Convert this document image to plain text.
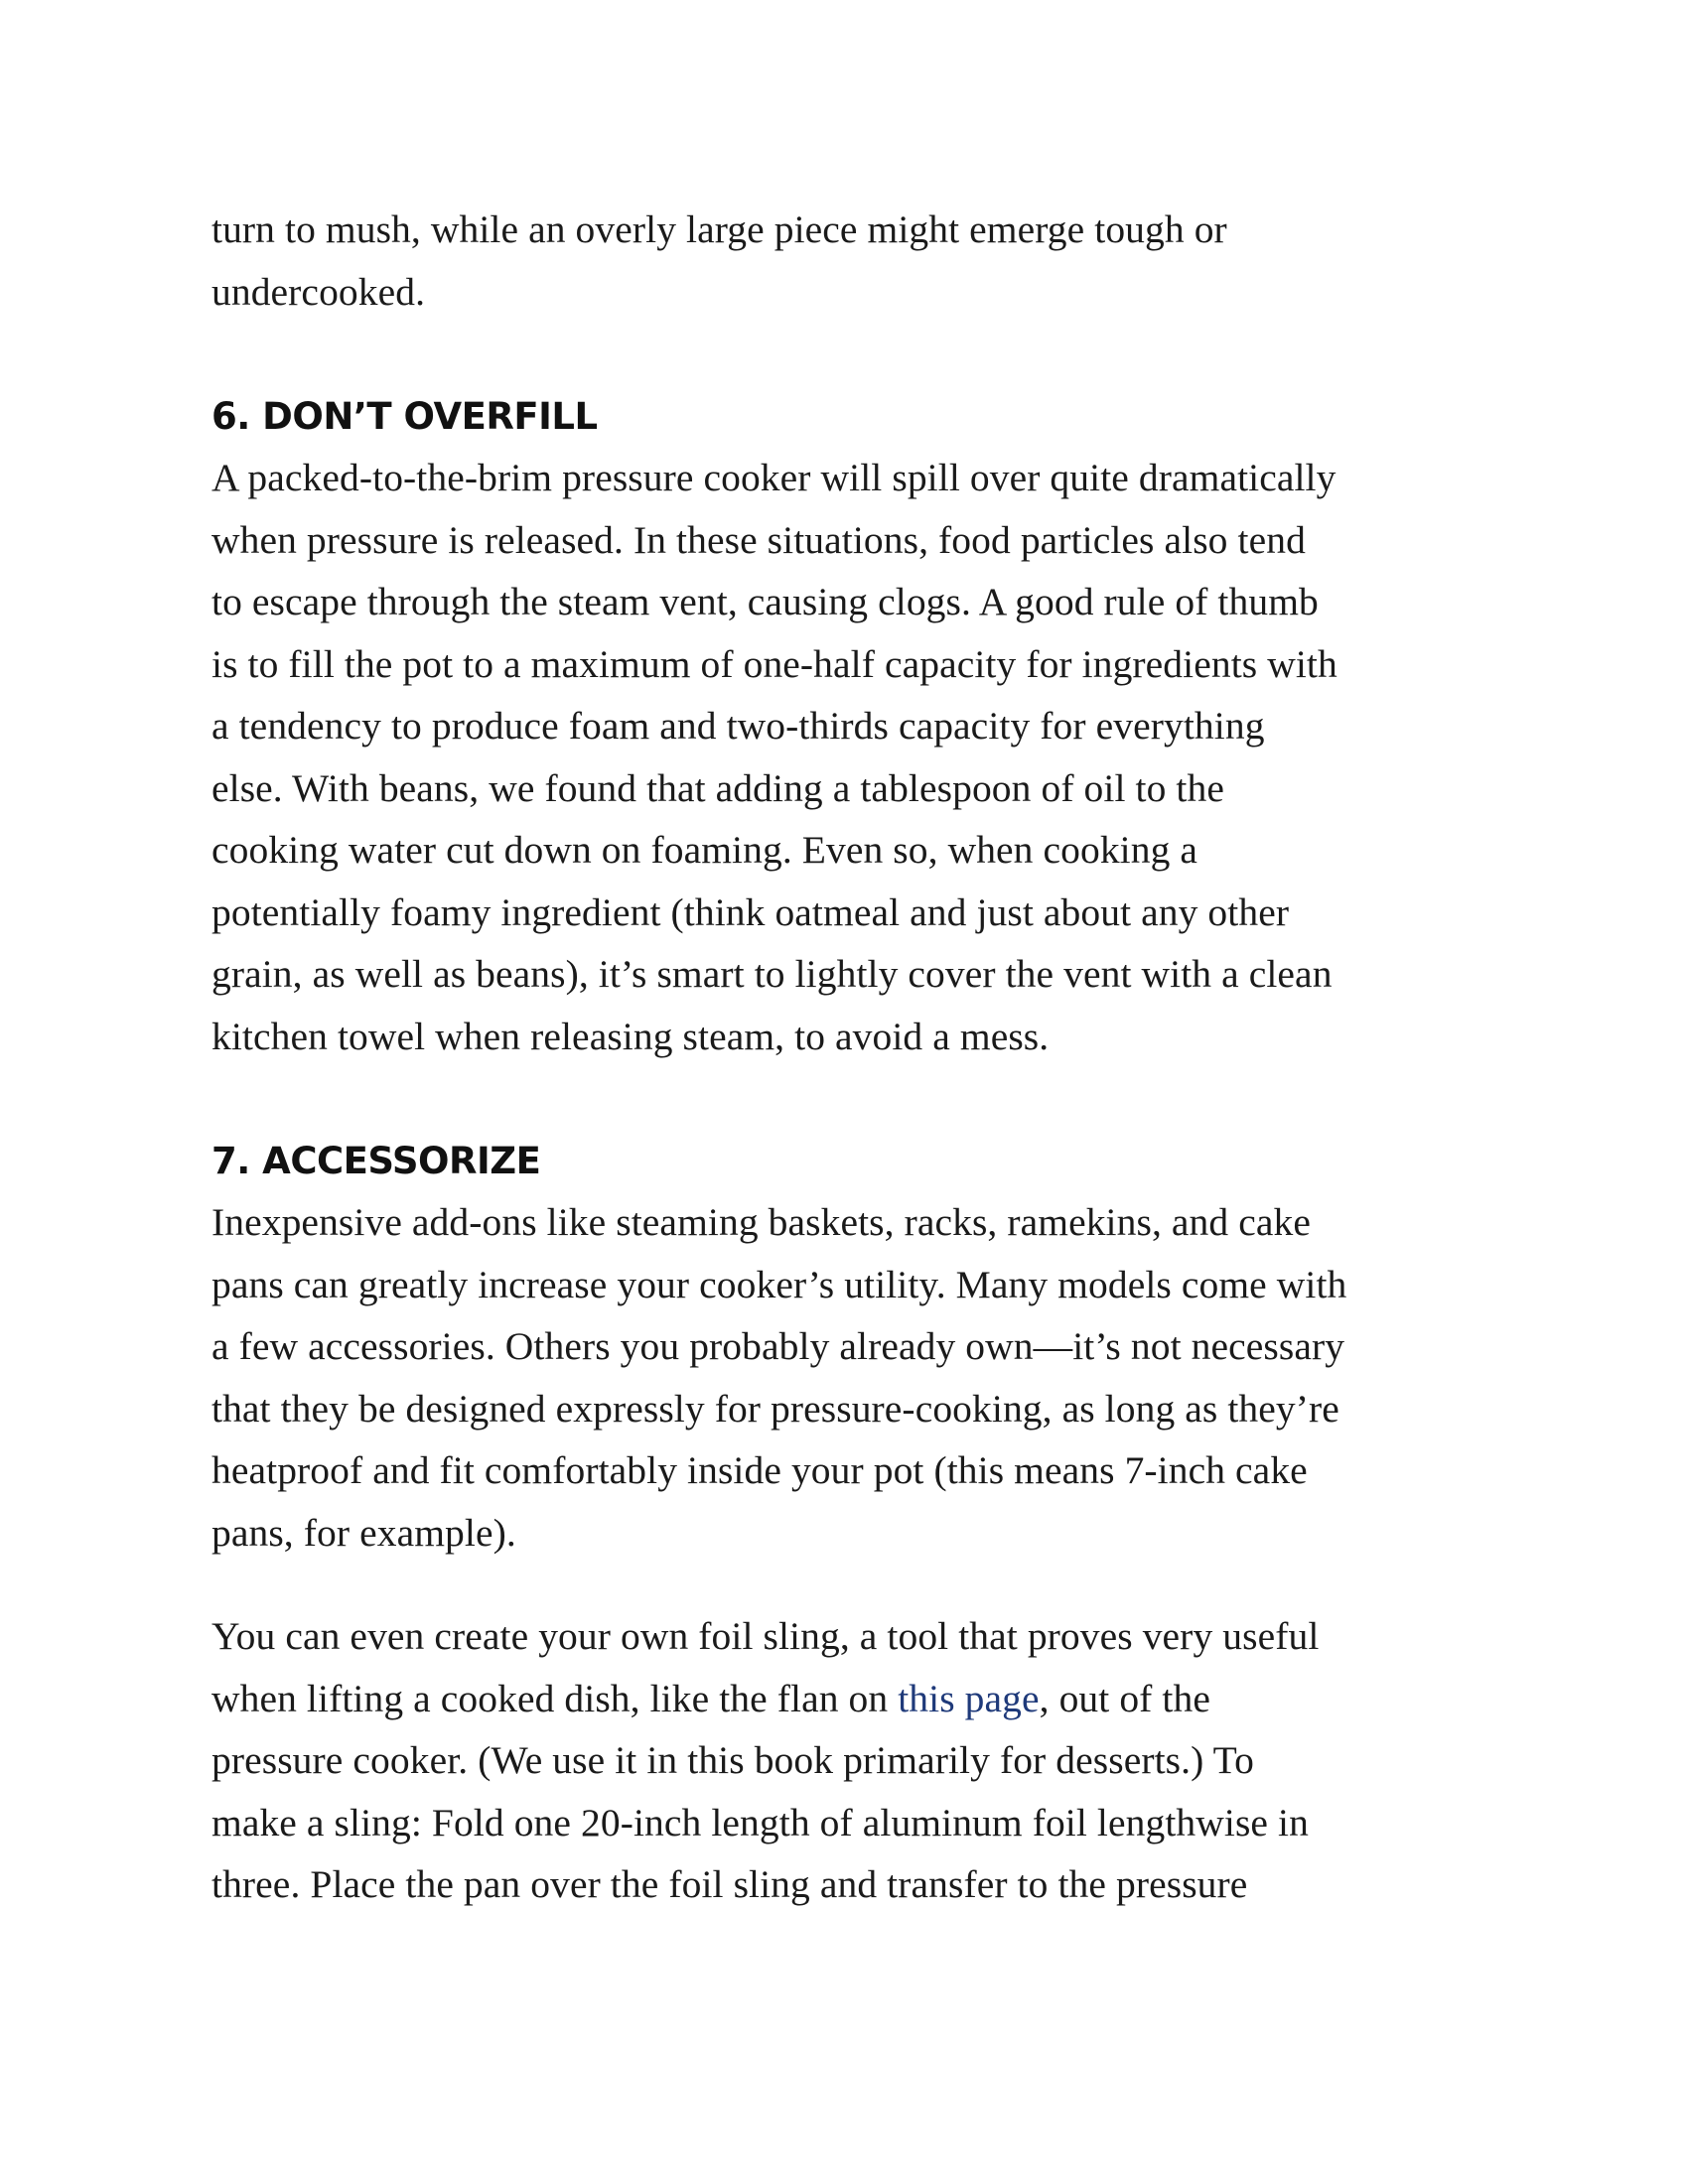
turn to mush, while an overly large piece might emerge tough or
undercooked.

6. DON’T OVERFILL

A packed-to-the-brim pressure cooker will spill over quite dramatically
when pressure is released. In these situations, food particles also tend
to escape through the steam vent, causing clogs. A good rule of thumb
is to fill the pot to a maximum of one-half capacity for ingredients with
a tendency to produce foam and two-thirds capacity for everything
else. With beans, we found that adding a tablespoon of oil to the
cooking water cut down on foaming. Even so, when cooking a
potentially foamy ingredient (think oatmeal and just about any other
grain, as well as beans), it’s smart to lightly cover the vent with a clean
kitchen towel when releasing steam, to avoid a mess.

7. ACCESSORIZE

Inexpensive add-ons like steaming baskets, racks, ramekins, and cake
pans can greatly increase your cooker’s utility. Many models come with
a few accessories. Others you probably already own—it’s not necessary
that they be designed expressly for pressure-cooking, as long as they’re
heatproof and fit comfortably inside your pot (this means 7-inch cake
pans, for example).

You can even create your own foil sling, a tool that proves very useful
when lifting a cooked dish, like the flan on this page, out of the
pressure cooker. (We use it in this book primarily for desserts.) To
make a sling: Fold one 20-inch length of aluminum foil lengthwise in
three. Place the pan over the foil sling and transfer to the pressure
